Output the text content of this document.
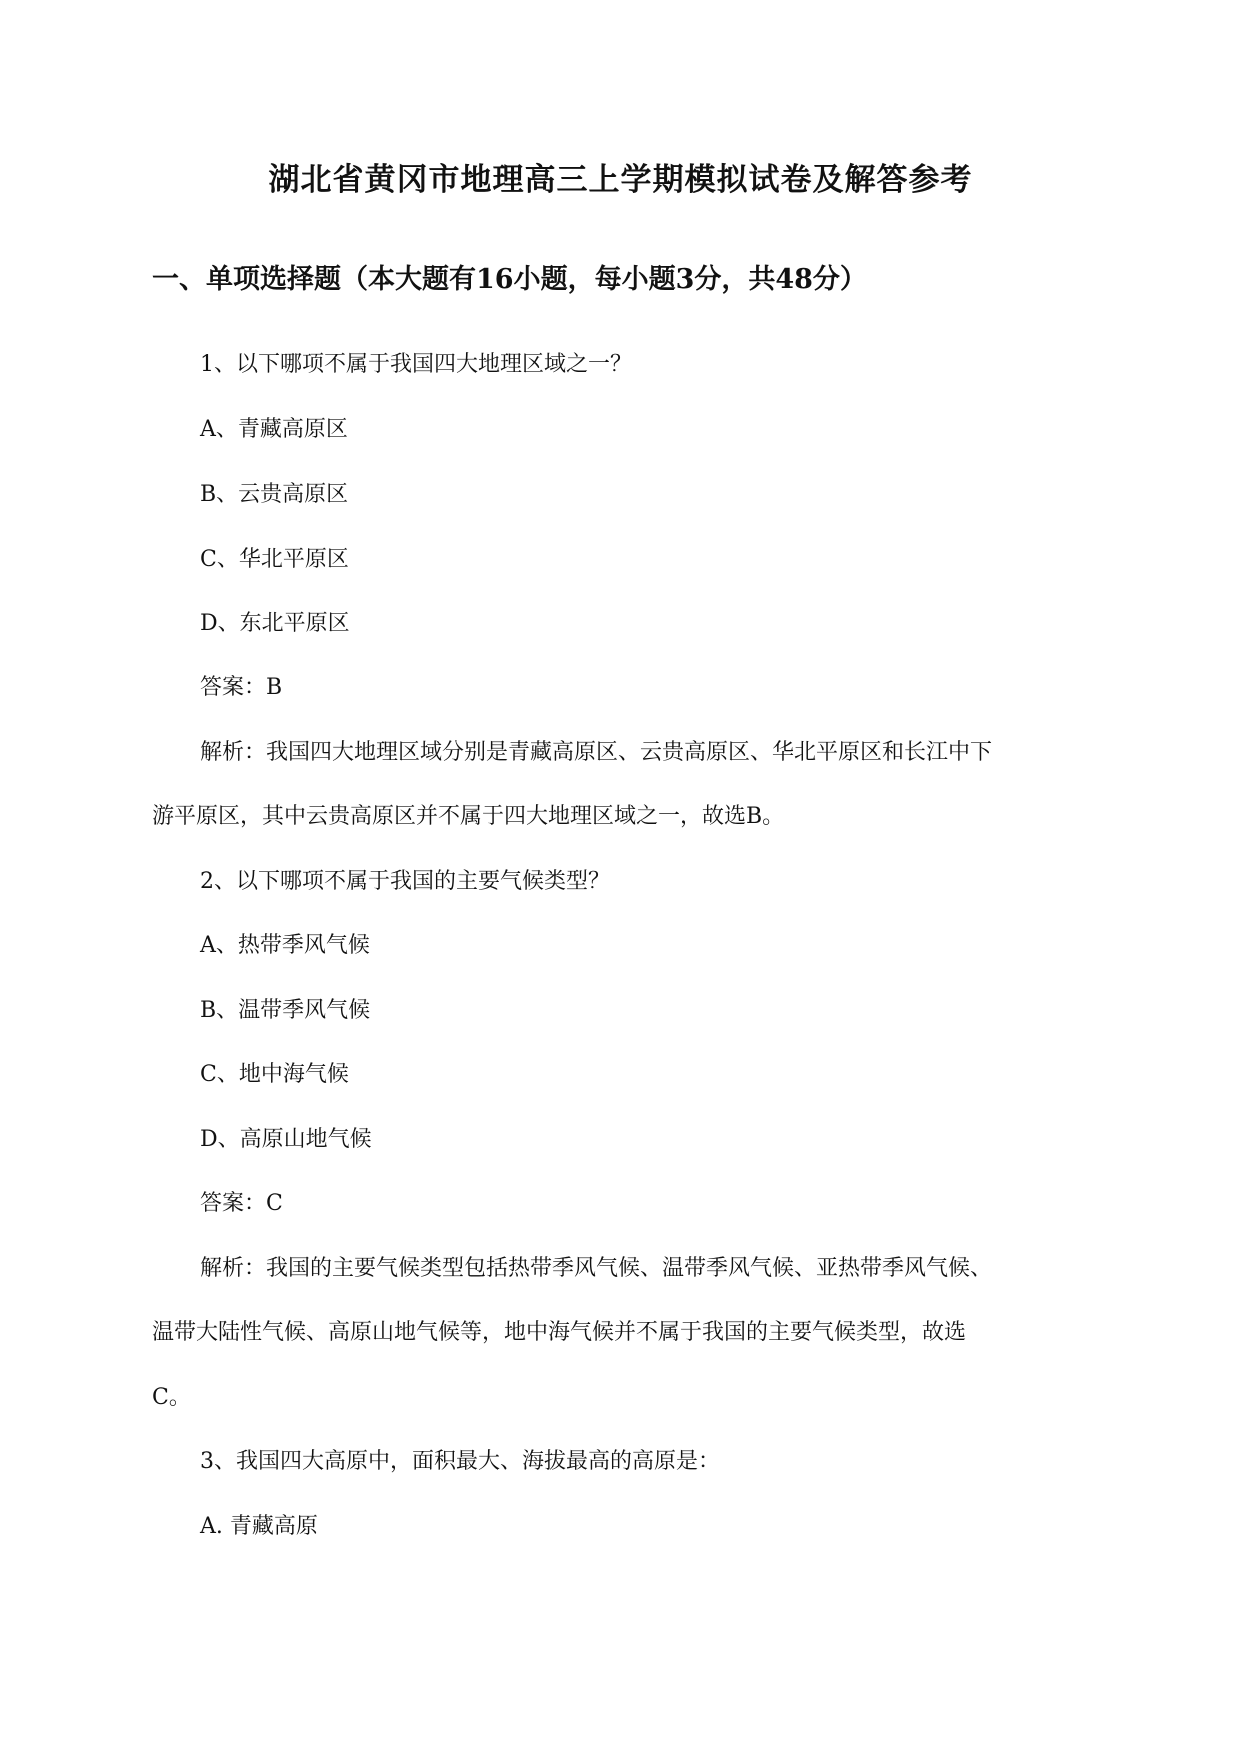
湖北省黄冈市地理高三上学期模拟试卷及解答参考
一、单项选择题（本大题有16小题，每小题3分，共48分）
1、以下哪项不属于我国四大地理区域之一？
A、青藏高原区
B、云贵高原区
C、华北平原区
D、东北平原区
答案：B
解析：我国四大地理区域分别是青藏高原区、云贵高原区、华北平原区和长江中下
游平原区，其中云贵高原区并不属于四大地理区域之一，故选B。
2、以下哪项不属于我国的主要气候类型？
A、热带季风气候
B、温带季风气候
C、地中海气候
D、高原山地气候
答案：C
解析：我国的主要气候类型包括热带季风气候、温带季风气候、亚热带季风气候、
温带大陆性气候、高原山地气候等，地中海气候并不属于我国的主要气候类型，故选
C。
3、我国四大高原中，面积最大、海拔最高的高原是：
A. 青藏高原
